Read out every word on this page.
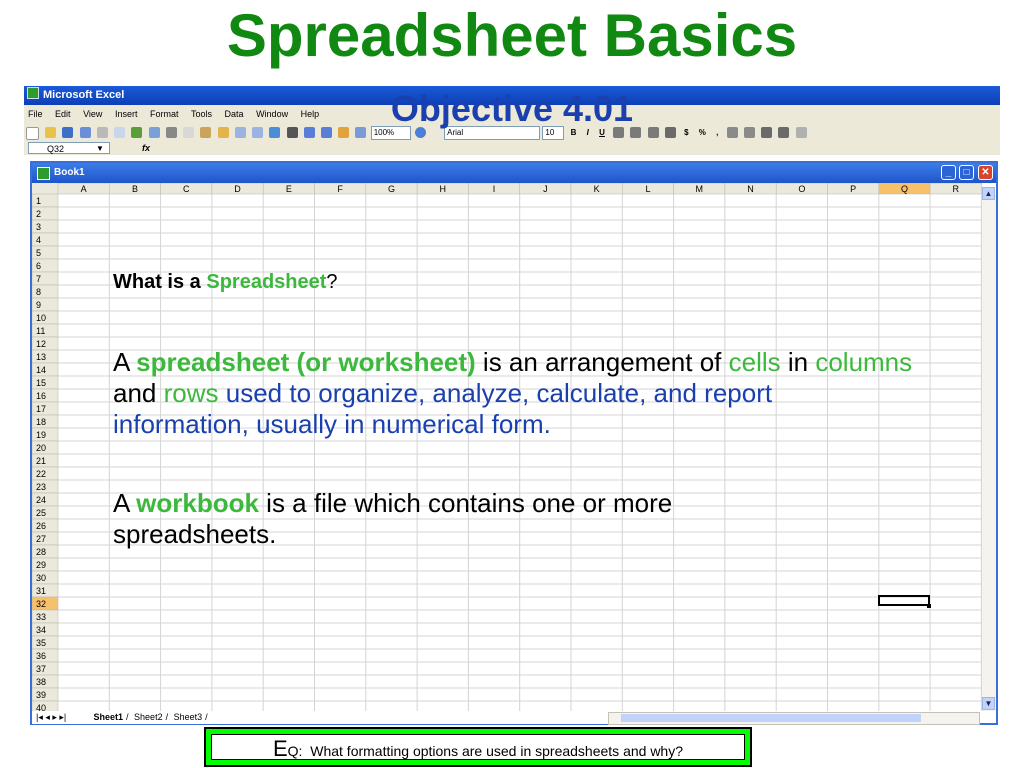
Spreadsheet Basics
Microsoft Excel
File Edit View Insert Format Tools Data Window Help
100%	Arial	10 B I U	$ % ,
Objective 4.01
Q32	▼	fx
Book1	_	□	✕
A	B	C	D	E	F	G	H	I	J	K	L	M	N	O	P	Q	R
1
2
3
4
5
6
7
8
9
10
11
12
13
14
15
16
17
18
19
20
21
22
23
24
25
26
27
28
29
30
31
32
33
34
35
36
37
38
39
40
|◂ ◂ ▸ ▸|	Sheet1 / Sheet2 / Sheet3 /
▲
▼

What is a Spreadsheet?

A spreadsheet (or worksheet) is an arrangement of cells in columns and rows used to organize, analyze, calculate, and report information, usually in numerical form.

A workbook is a file which contains one or more spreadsheets.

EQ: What formatting options are used in spreadsheets and why?
